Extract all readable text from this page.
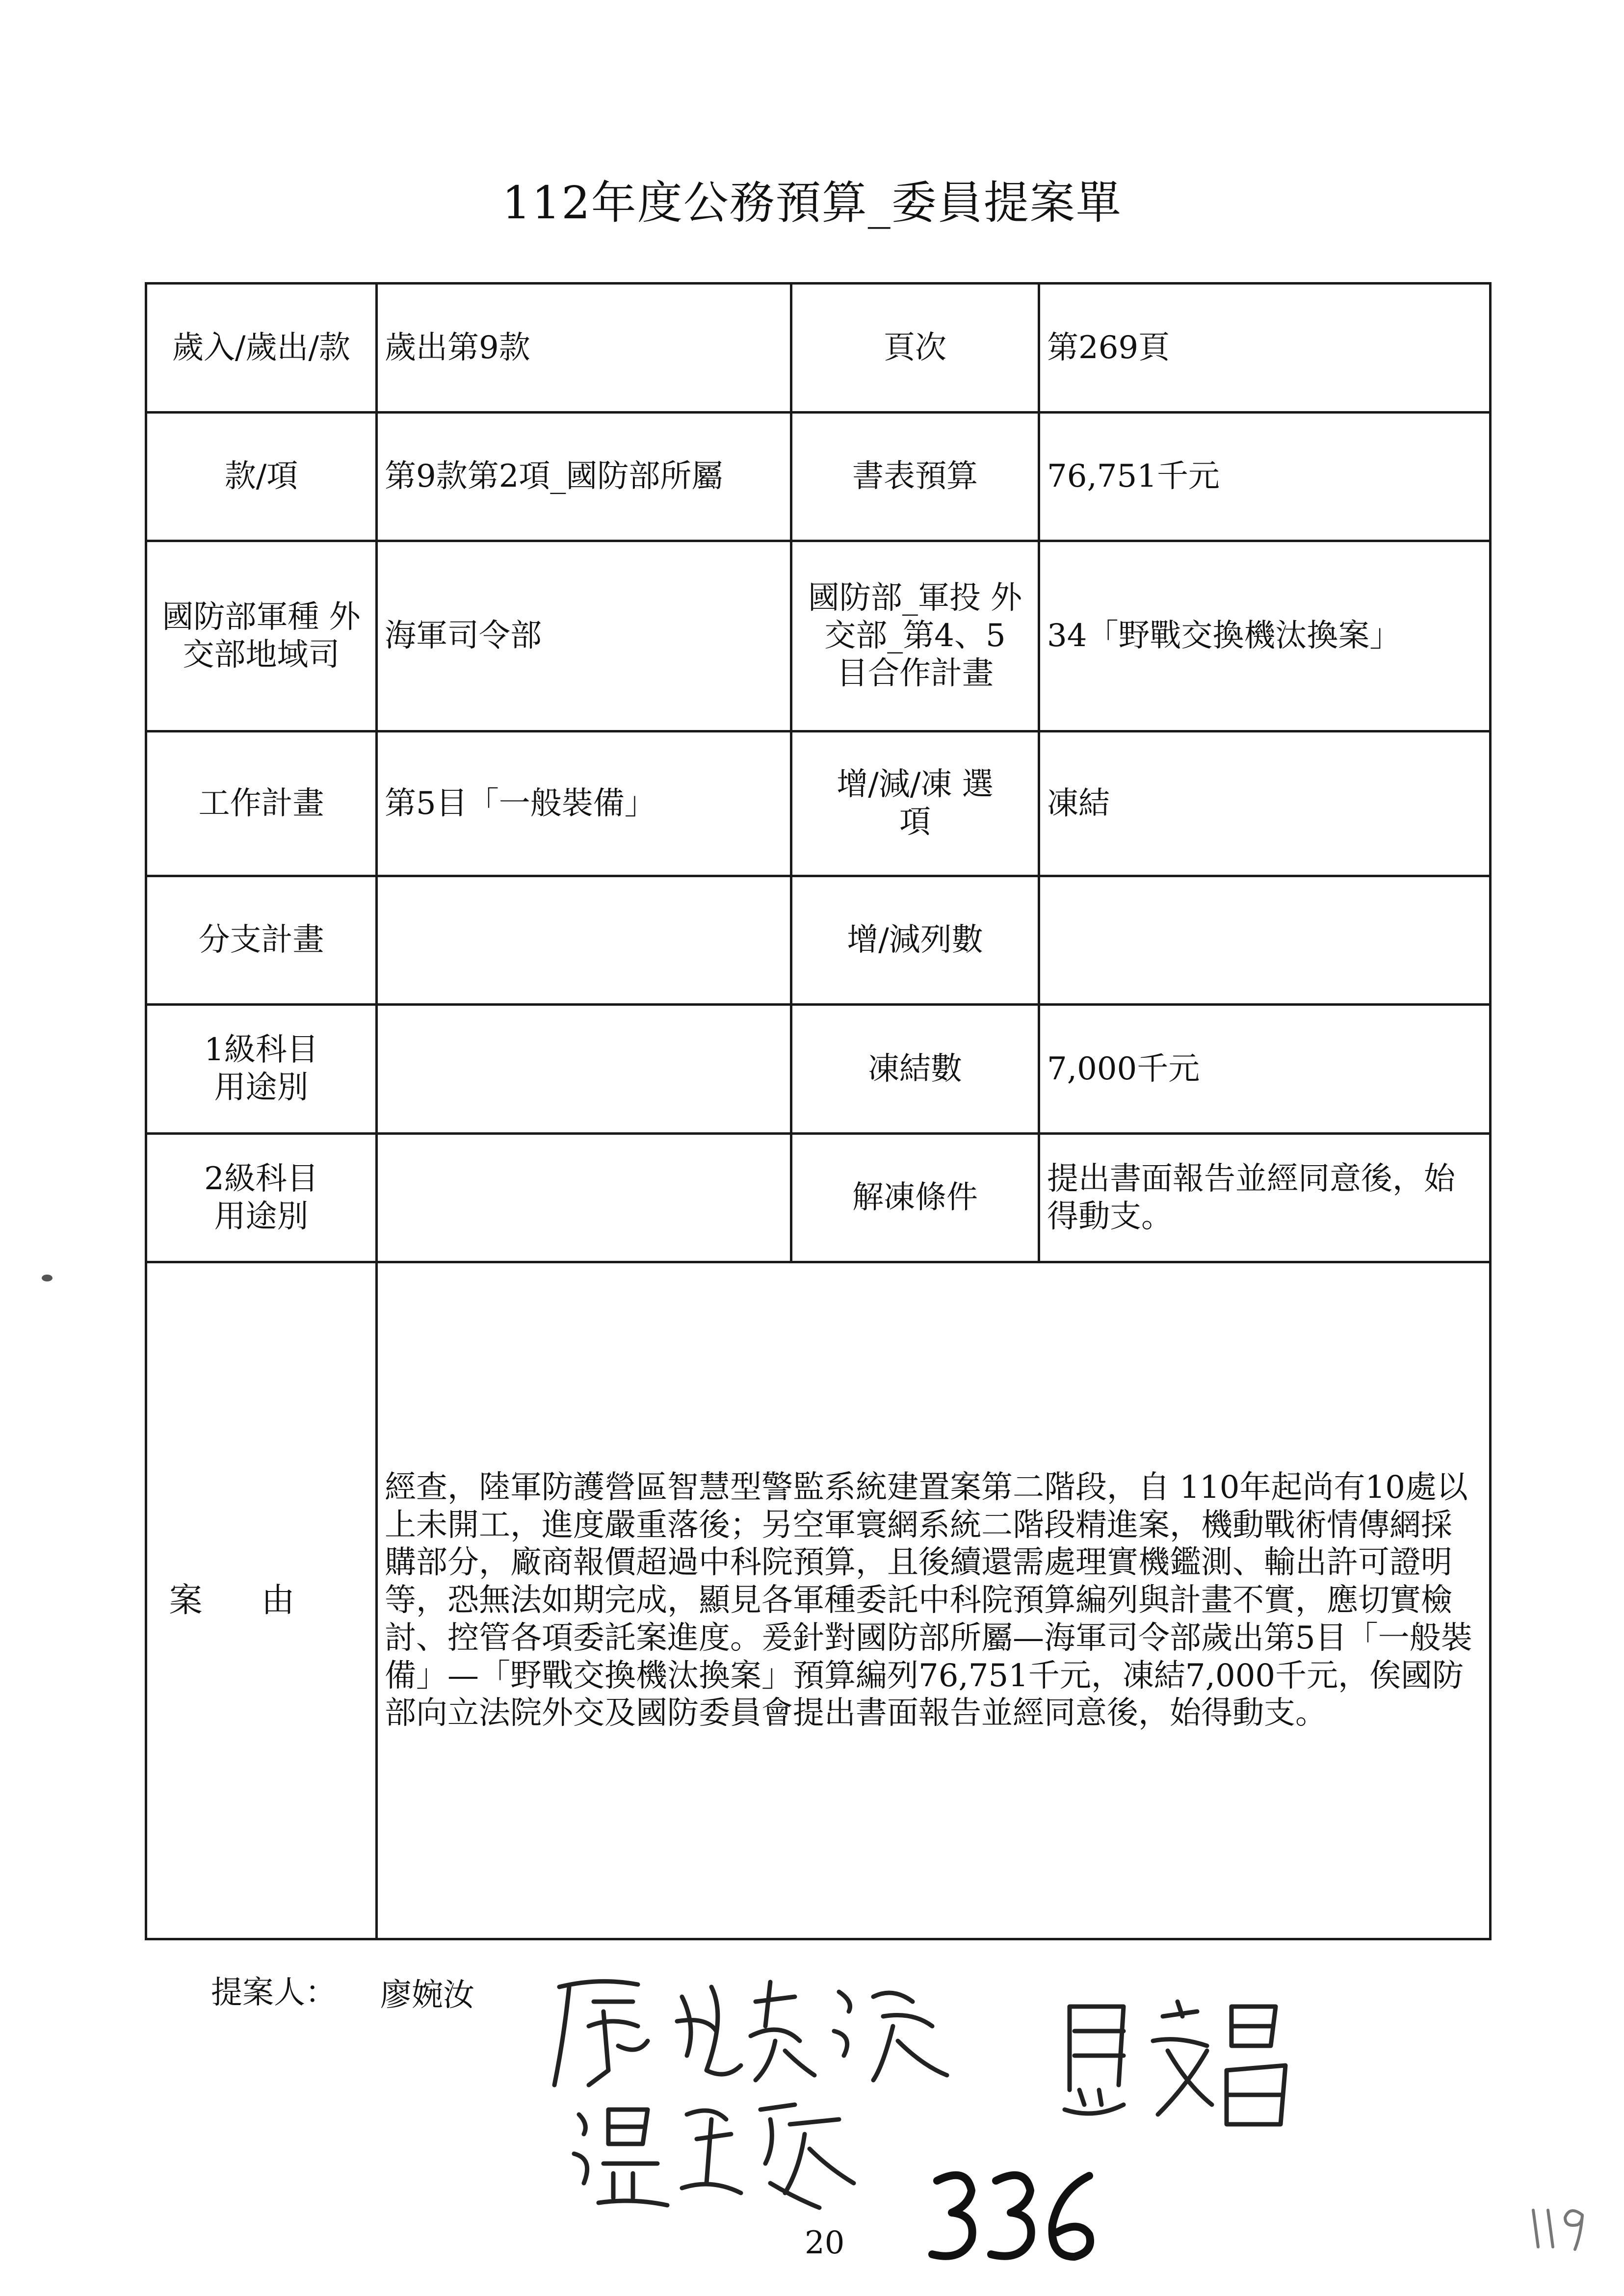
112年度公務預算_委員提案單
歲入/歲出/款	歲出第9款	頁次	第269頁
款/項	第9款第2項_國防部所屬	書表預算	76,751千元
國防部軍種 外交部地域司	海軍司令部	國防部_軍投 外交部_第4、5 目合作計畫	34「野戰交換機汰換案」
工作計畫	第5目「一般裝備」	增/減/凍 選項	凍結
分支計畫		增/減列數	
1級科目 用途別		凍結數	7,000千元
2級科目 用途別		解凍條件	提出書面報告並經同意後，始得動支。
案由	經查，陸軍防護營區智慧型警監系統建置案第二階段，自 110年起尚有10處以上未開工，進度嚴重落後；另空軍寰網系統二階段精進案，機動戰術情傳網採購部分，廠商報價超過中科院預算，且後續還需處理實機鑑測、輸出許可證明等，恐無法如期完成，顯見各軍種委託中科院預算編列與計畫不實，應切實檢討、控管各項委託案進度。爰針對國防部所屬—海軍司令部歲出第5目「一般裝備」—「野戰交換機汰換案」預算編列76,751千元，凍結7,000千元，俟國防部向立法院外交及國防委員會提出書面報告並經同意後，始得動支。		
提案人： 廖婉汝
20
